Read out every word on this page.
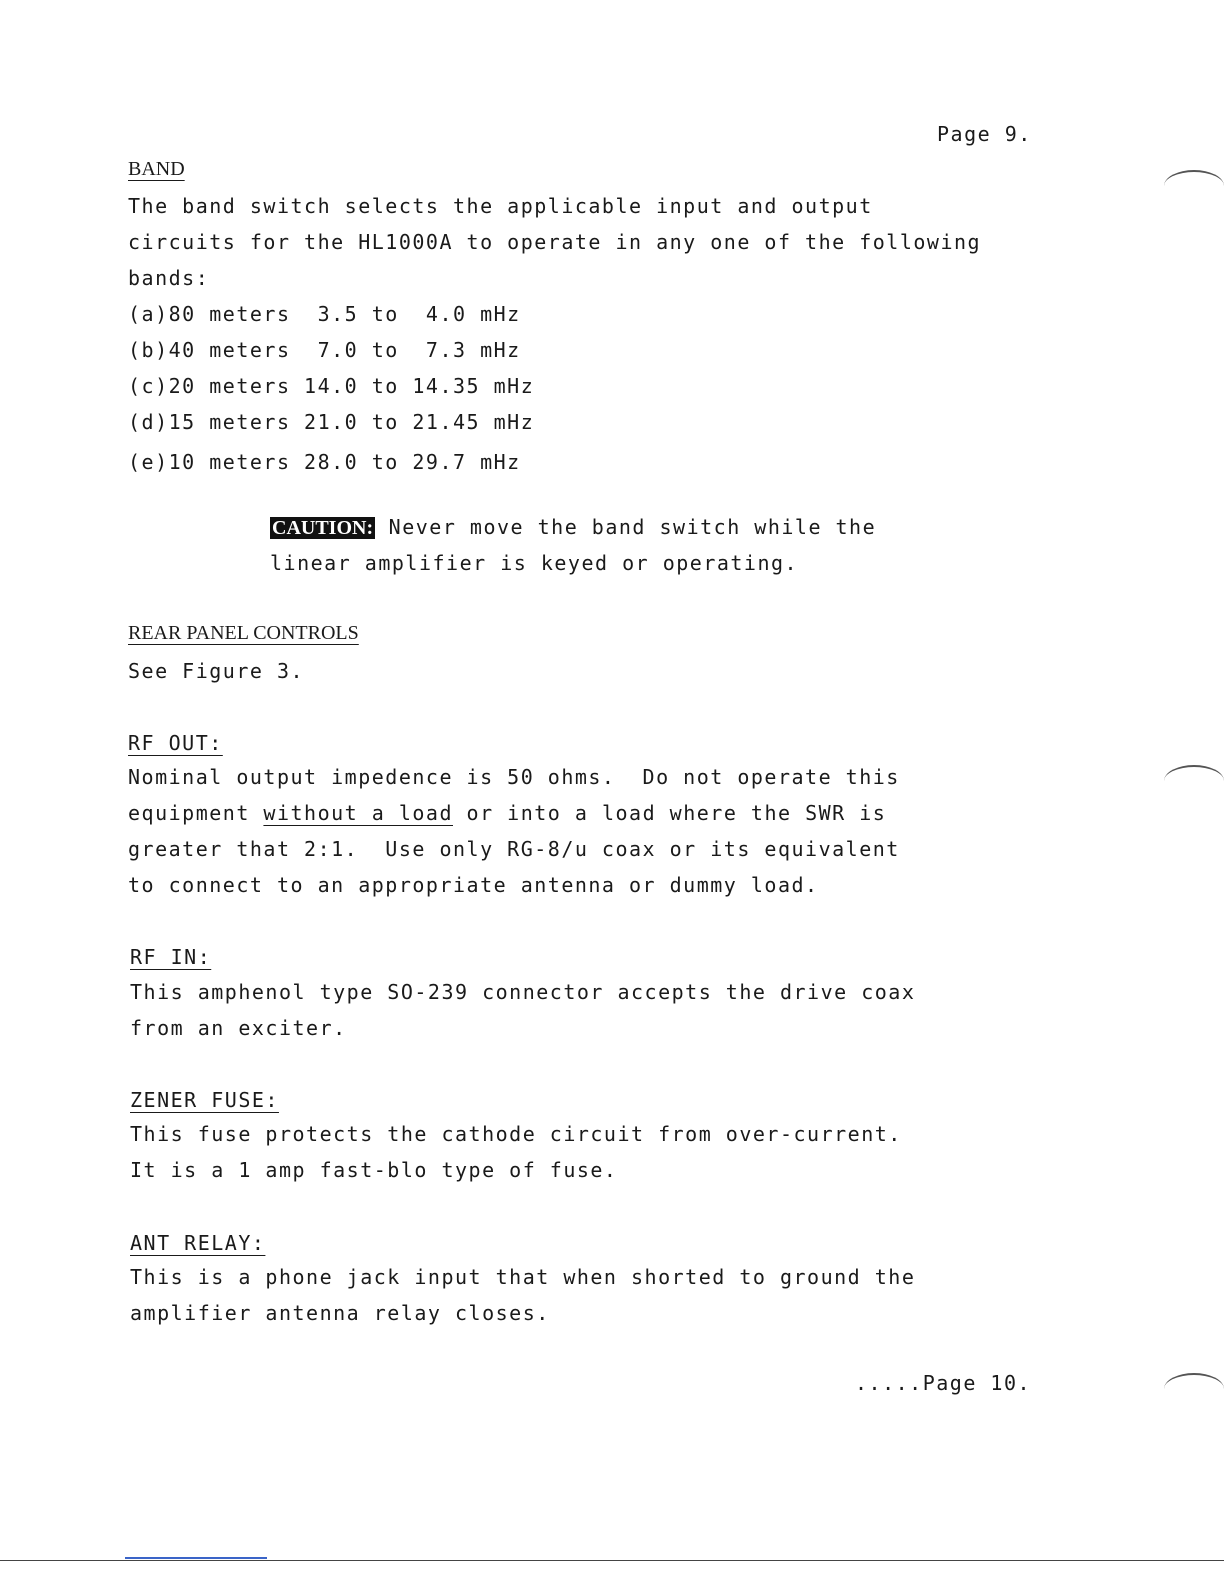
Page 9.
BAND
The band switch selects the applicable input and output
circuits for the HL1000A to operate in any one of the following
bands:
(a)80 meters  3.5 to  4.0 mHz
(b)40 meters  7.0 to  7.3 mHz
(c)20 meters 14.0 to 14.35 mHz
(d)15 meters 21.0 to 21.45 mHz
(e)10 meters 28.0 to 29.7 mHz
CAUTION: Never move the band switch while the
linear amplifier is keyed or operating.
REAR PANEL CONTROLS
See Figure 3.
RF OUT:
Nominal output impedence is 50 ohms.  Do not operate this
equipment without a load or into a load where the SWR is
greater that 2:1.  Use only RG-8/u coax or its equivalent
to connect to an appropriate antenna or dummy load.
RF IN:
This amphenol type SO-239 connector accepts the drive coax
from an exciter.
ZENER FUSE:
This fuse protects the cathode circuit from over-current.
It is a 1 amp fast-blo type of fuse.
ANT RELAY:
This is a phone jack input that when shorted to ground the
amplifier antenna relay closes.
.....Page 10.
